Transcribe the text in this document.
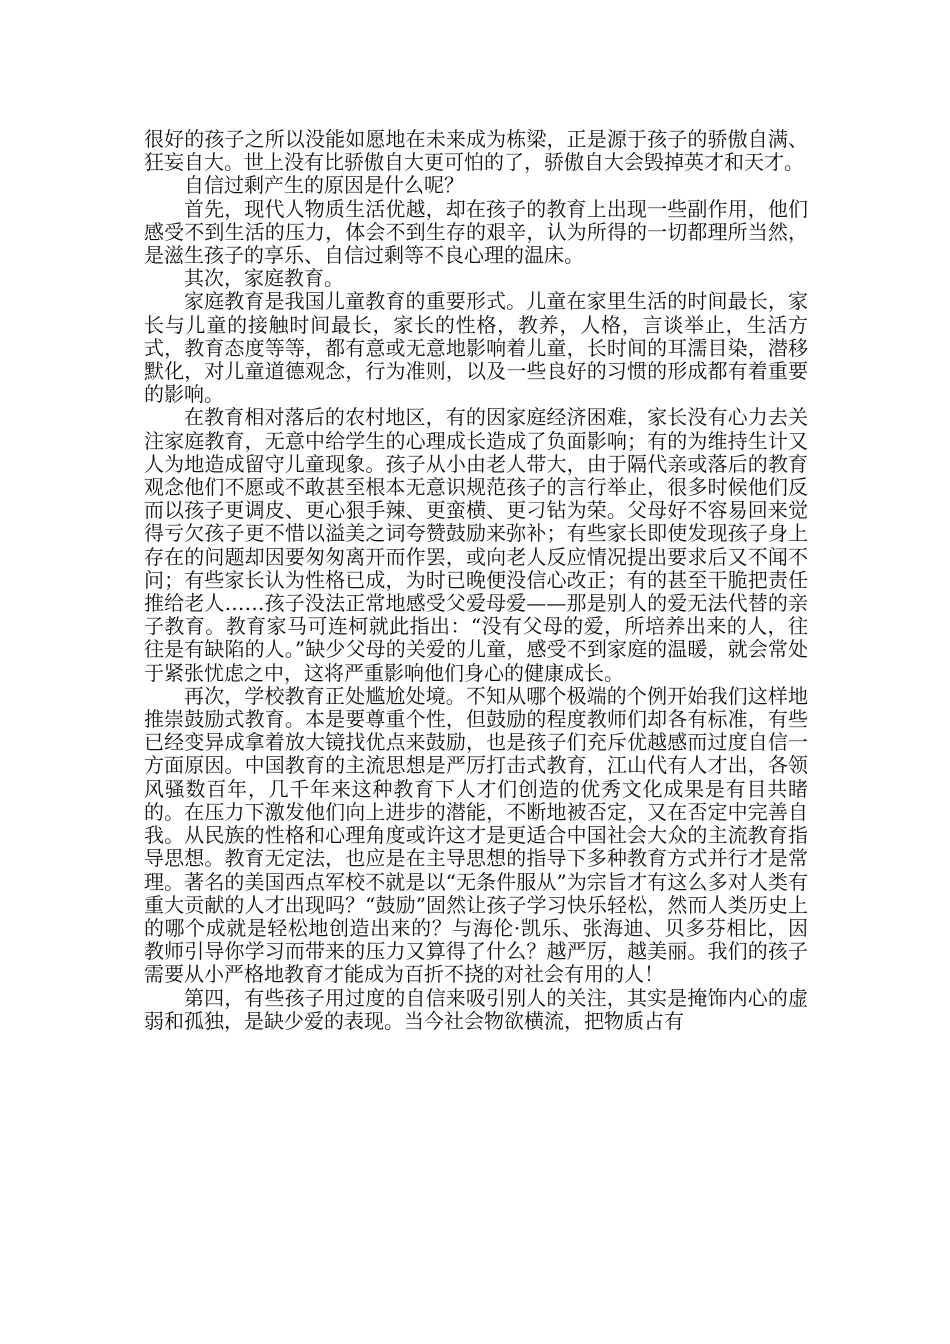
很好的孩子之所以没能如愿地在未来成为栋梁，正是源于孩子的骄傲自满、狂妄自大。世上没有比骄傲自大更可怕的了，骄傲自大会毁掉英才和天才。

自信过剩产生的原因是什么呢？

首先，现代人物质生活优越，却在孩子的教育上出现一些副作用，他们感受不到生活的压力，体会不到生存的艰辛，认为所得的一切都理所当然，是滋生孩子的享乐、自信过剩等不良心理的温床。

其次，家庭教育。

家庭教育是我国儿童教育的重要形式。儿童在家里生活的时间最长，家长与儿童的接触时间最长，家长的性格，教养，人格，言谈举止，生活方式，教育态度等等，都有意或无意地影响着儿童，长时间的耳濡目染，潜移默化，对儿童道德观念，行为准则，以及一些良好的习惯的形成都有着重要的影响。

在教育相对落后的农村地区，有的因家庭经济困难，家长没有心力去关注家庭教育，无意中给学生的心理成长造成了负面影响；有的为维持生计又人为地造成留守儿童现象。孩子从小由老人带大，由于隔代亲或落后的教育观念他们不愿或不敢甚至根本无意识规范孩子的言行举止，很多时候他们反而以孩子更调皮、更心狠手辣、更蛮横、更刁钻为荣。父母好不容易回来觉得亏欠孩子更不惜以溢美之词夸赞鼓励来弥补；有些家长即使发现孩子身上存在的问题却因要匆匆离开而作罢，或向老人反应情况提出要求后又不闻不问；有些家长认为性格已成，为时已晚便没信心改正；有的甚至干脆把责任推给老人……孩子没法正常地感受父爱母爱——那是别人的爱无法代替的亲子教育。教育家马可连柯就此指出：“没有父母的爱，所培养出来的人，往往是有缺陷的人。”缺少父母的关爱的儿童，感受不到家庭的温暖，就会常处于紧张忧虑之中，这将严重影响他们身心的健康成长。

再次，学校教育正处尴尬处境。不知从哪个极端的个例开始我们这样地推崇鼓励式教育。本是要尊重个性，但鼓励的程度教师们却各有标准，有些已经变异成拿着放大镜找优点来鼓励，也是孩子们充斥优越感而过度自信一方面原因。中国教育的主流思想是严厉打击式教育，江山代有人才出，各领风骚数百年，几千年来这种教育下人才们创造的优秀文化成果是有目共睹的。在压力下激发他们向上进步的潜能，不断地被否定，又在否定中完善自我。从民族的性格和心理角度或许这才是更适合中国社会大众的主流教育指导思想。教育无定法，也应是在主导思想的指导下多种教育方式并行才是常理。著名的美国西点军校不就是以“无条件服从”为宗旨才有这么多对人类有重大贡献的人才出现吗？“鼓励”固然让孩子学习快乐轻松，然而人类历史上的哪个成就是轻松地创造出来的？与海伦·凯乐、张海迪、贝多芬相比，因教师引导你学习而带来的压力又算得了什么？越严厉，越美丽。我们的孩子需要从小严格地教育才能成为百折不挠的对社会有用的人！

第四，有些孩子用过度的自信来吸引别人的关注，其实是掩饰内心的虚弱和孤独，是缺少爱的表现。当今社会物欲横流，把物质占有
